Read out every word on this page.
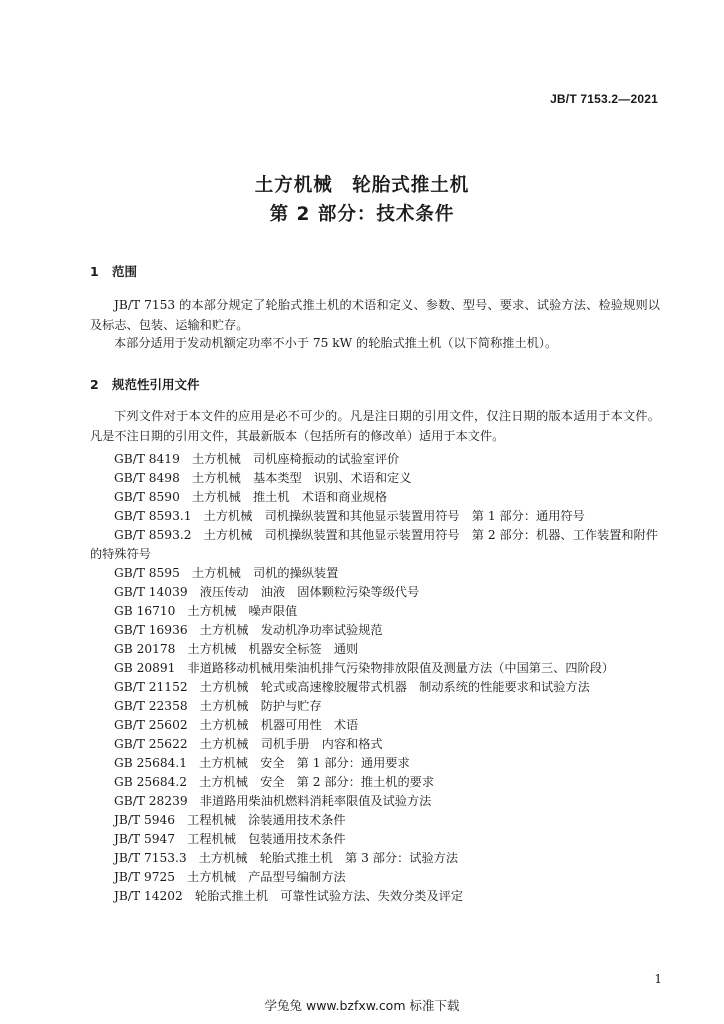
JB/T 7153.2—2021
土方机械　轮胎式推土机
第 2 部分：技术条件
1 范围

JB/T 7153 的本部分规定了轮胎式推土机的术语和定义、参数、型号、要求、试验方法、检验规则以及标志、包装、运输和贮存。

本部分适用于发动机额定功率不小于 75 kW 的轮胎式推土机（以下简称推土机）。

2 规范性引用文件

下列文件对于本文件的应用是必不可少的。凡是注日期的引用文件，仅注日期的版本适用于本文件。凡是不注日期的引用文件，其最新版本（包括所有的修改单）适用于本文件。

GB/T 8419　土方机械　司机座椅振动的试验室评价
GB/T 8498　土方机械　基本类型　识别、术语和定义
GB/T 8590　土方机械　推土机　术语和商业规格
GB/T 8593.1　土方机械　司机操纵装置和其他显示装置用符号　第 1 部分：通用符号
GB/T 8593.2　土方机械　司机操纵装置和其他显示装置用符号　第 2 部分：机器、工作装置和附件的特殊符号
GB/T 8595　土方机械　司机的操纵装置
GB/T 14039　液压传动　油液　固体颗粒污染等级代号
GB 16710　土方机械　噪声限值
GB/T 16936　土方机械　发动机净功率试验规范
GB 20178　土方机械　机器安全标签　通则
GB 20891　非道路移动机械用柴油机排气污染物排放限值及测量方法（中国第三、四阶段）
GB/T 21152　土方机械　轮式或高速橡胶履带式机器　制动系统的性能要求和试验方法
GB/T 22358　土方机械　防护与贮存
GB/T 25602　土方机械　机器可用性　术语
GB/T 25622　土方机械　司机手册　内容和格式
GB 25684.1　土方机械　安全　第 1 部分：通用要求
GB 25684.2　土方机械　安全　第 2 部分：推土机的要求
GB/T 28239　非道路用柴油机燃料消耗率限值及试验方法
JB/T 5946　工程机械　涂装通用技术条件
JB/T 5947　工程机械　包装通用技术条件
JB/T 7153.3　土方机械　轮胎式推土机　第 3 部分：试验方法
JB/T 9725　土方机械　产品型号编制方法
JB/T 14202　轮胎式推土机　可靠性试验方法、失效分类及评定
1
学兔兔 www.bzfxw.com 标准下载
